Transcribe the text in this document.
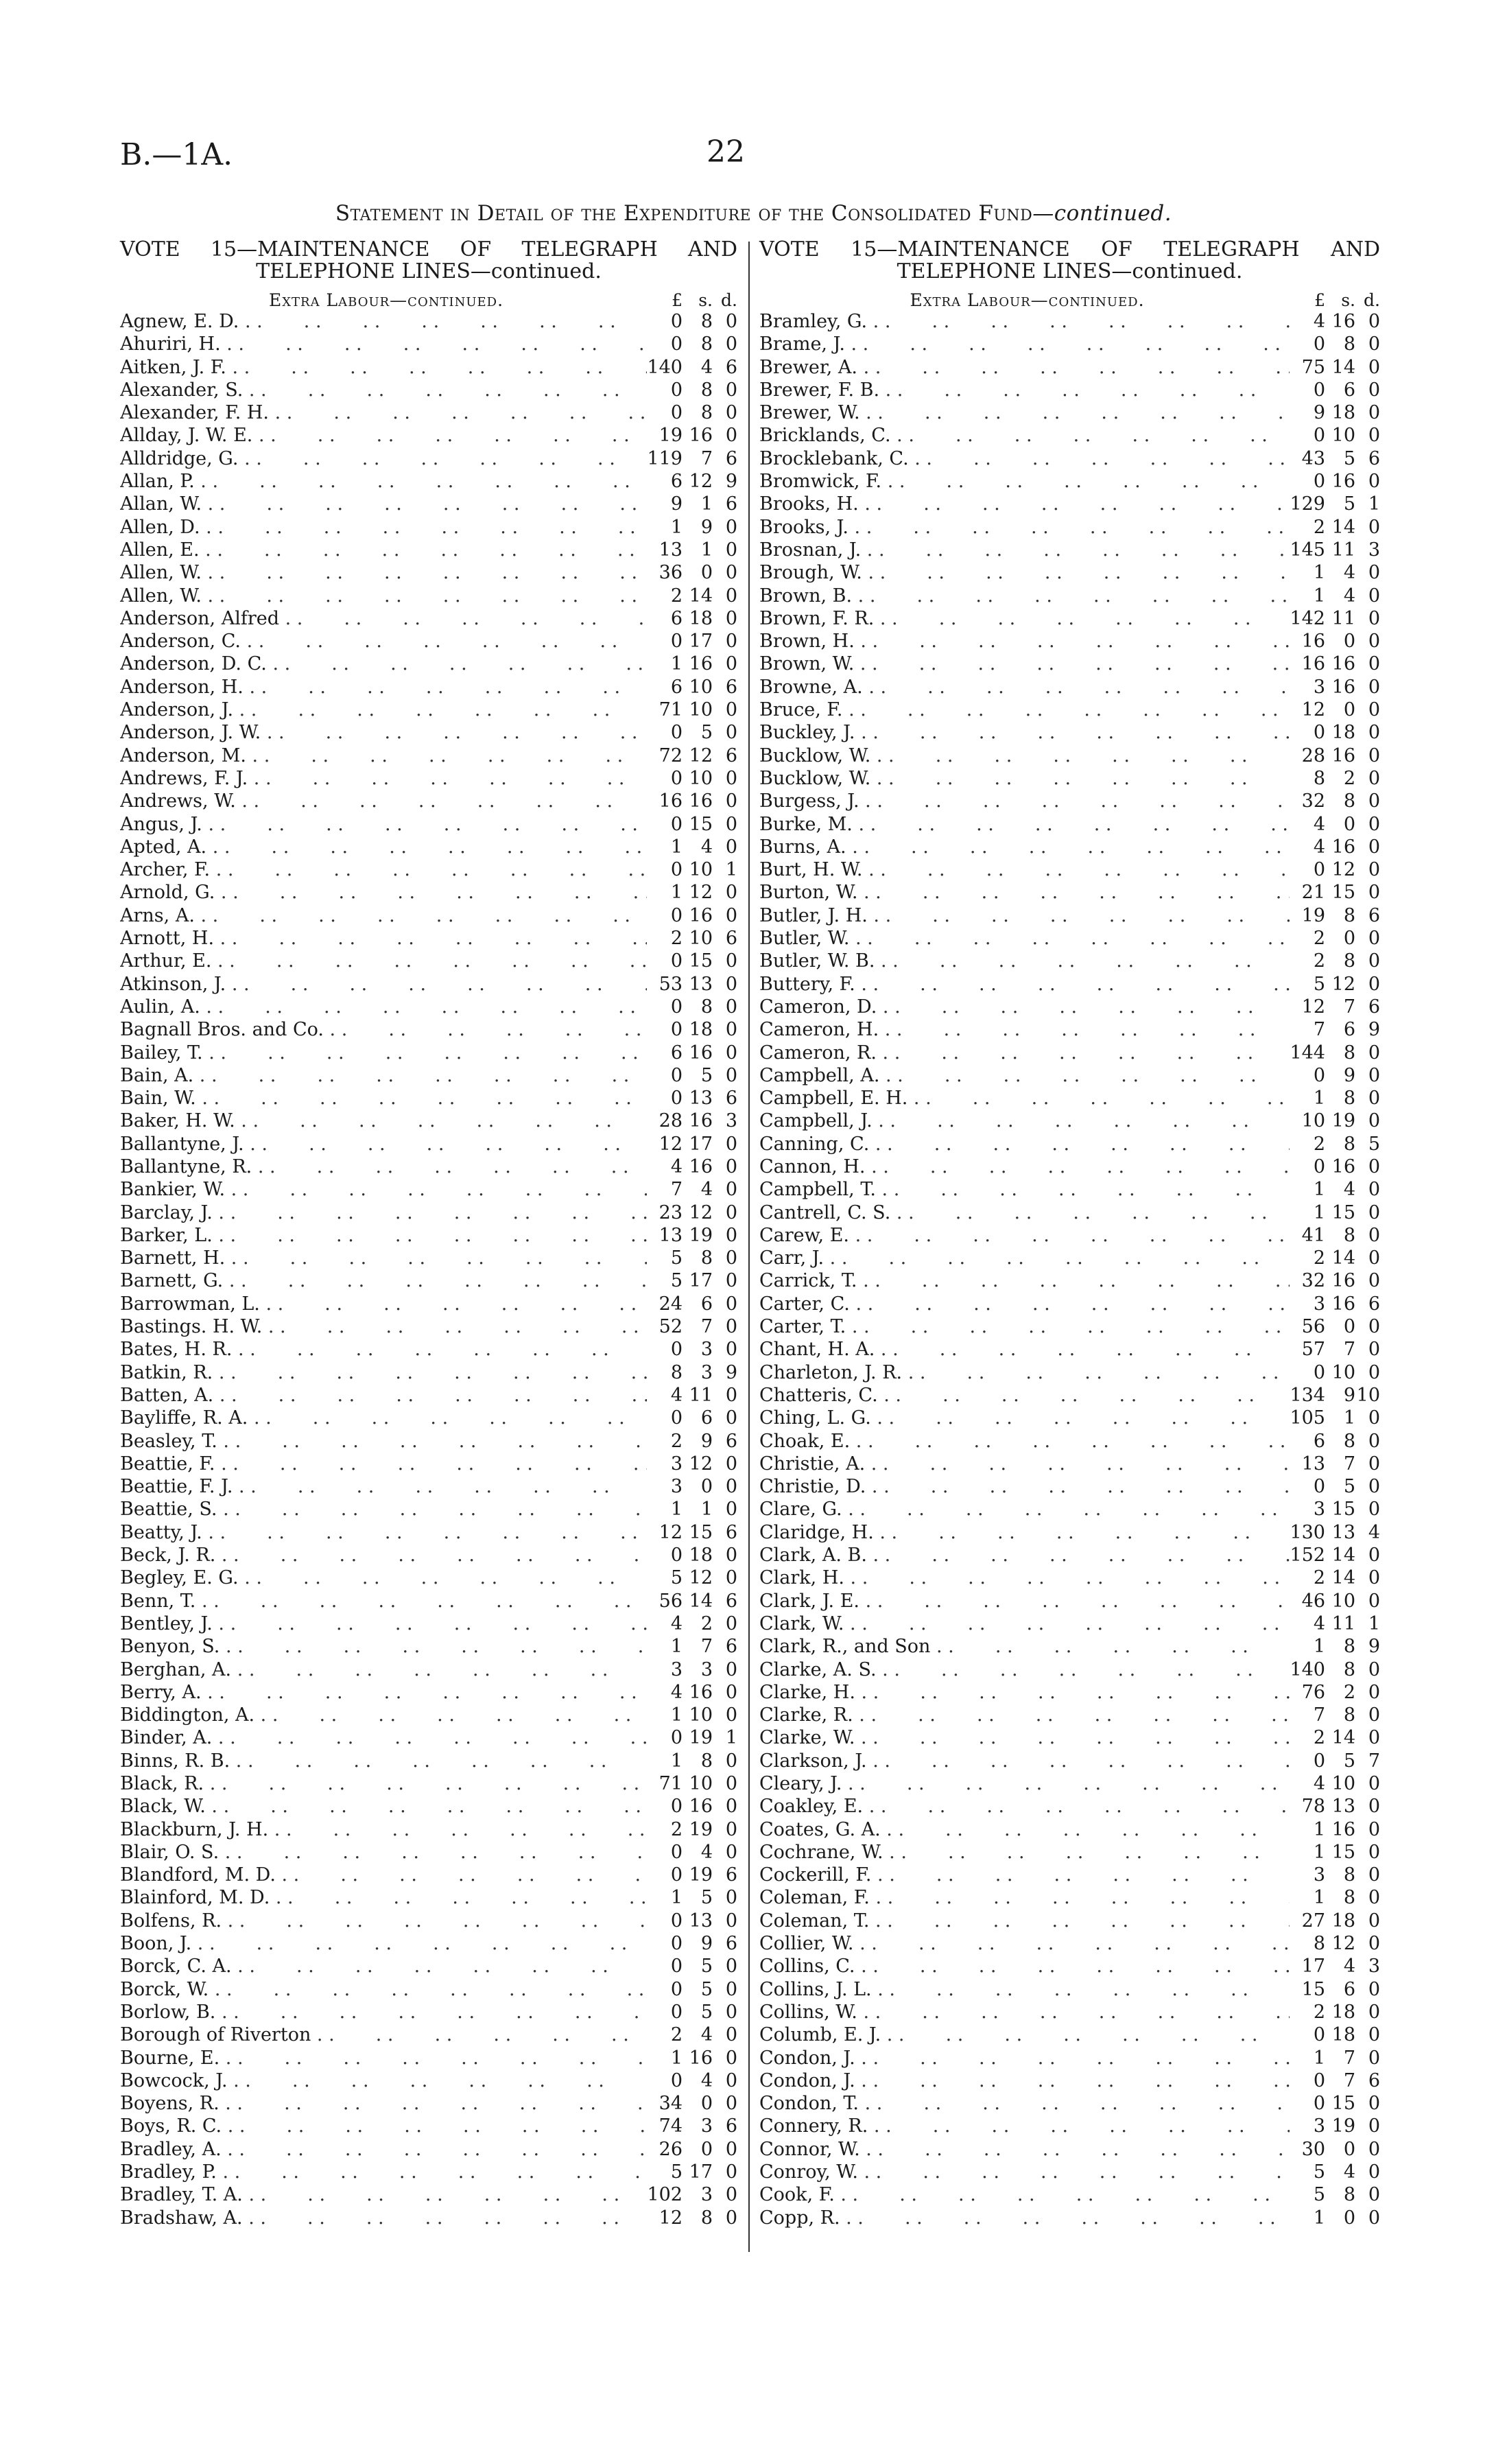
B.—1A.	22
Statement in Detail of the Expenditure of the Consolidated Fund—continued.
VOTE 15—MAINTENANCE OF TELEGRAPH AND
TELEPHONE LINES—continued.
Extra Labour—continued.	£ s. d.
Agnew, E. D. . .	0 8 0
Ahuriri, H. . .	0 8 0
Aitken, J. F. . .	140 4 6
Alexander, S. . .	0 8 0
Alexander, F. H. . .	0 8 0
Allday, J. W. E. . .	19 16 0
Alldridge, G. . .	119 7 6
Allan, P. . .	6 12 9
Allan, W. . .	9 1 6
Allen, D. . .	1 9 0
Allen, E. . .	13 1 0
Allen, W. . .	36 0 0
Allen, W. . .	2 14 0
Anderson, Alfred . .	6 18 0
Anderson, C. . .	0 17 0
Anderson, D. C. . .	1 16 0
Anderson, H. . .	6 10 6
Anderson, J. . .	71 10 0
Anderson, J. W. . .	0 5 0
Anderson, M. . .	72 12 6
Andrews, F. J. . .	0 10 0
Andrews, W. . .	16 16 0
Angus, J. . .	0 15 0
Apted, A. . .	1 4 0
Archer, F. . .	0 10 1
Arnold, G. . .	1 12 0
Arns, A. . .	0 16 0
Arnott, H. . .	2 10 6
Arthur, E. . .	0 15 0
Atkinson, J. . .	53 13 0
Aulin, A. . .	0 8 0
Bagnall Bros. and Co. . .	0 18 0
Bailey, T. . .	6 16 0
Bain, A. . .	0 5 0
Bain, W. . .	0 13 6
Baker, H. W. . .	28 16 3
Ballantyne, J. . .	12 17 0
Ballantyne, R. . .	4 16 0
Bankier, W. . .	7 4 0
Barclay, J. . .	23 12 0
Barker, L. . .	13 19 0
Barnett, H. . .	5 8 0
Barnett, G. . .	5 17 0
Barrowman, L. . .	24 6 0
Bastings. H. W. . .	52 7 0
Bates, H. R. . .	0 3 0
Batkin, R. . .	8 3 9
Batten, A. . .	4 11 0
Bayliffe, R. A. . .	0 6 0
Beasley, T. . .	2 9 6
Beattie, F. . .	3 12 0
Beattie, F. J. . .	3 0 0
Beattie, S. . .	1 1 0
Beatty, J. . .	12 15 6
Beck, J. R. . .	0 18 0
Begley, E. G. . .	5 12 0
Benn, T. . .	56 14 6
Bentley, J. . .	4 2 0
Benyon, S. . .	1 7 6
Berghan, A. . .	3 3 0
Berry, A. . .	4 16 0
Biddington, A. . .	1 10 0
Binder, A. . .	0 19 1
Binns, R. B. . .	1 8 0
Black, R. . .	71 10 0
Black, W. . .	0 16 0
Blackburn, J. H. . .	2 19 0
Blair, O. S. . .	0 4 0
Blandford, M. D. . .	0 19 6
Blainford, M. D. . .	1 5 0
Bolfens, R. . .	0 13 0
Boon, J. . .	0 9 6
Borck, C. A. . .	0 5 0
Borck, W. . .	0 5 0
Borlow, B. . .	0 5 0
Borough of Riverton . .	2 4 0
Bourne, E. . .	1 16 0
Bowcock, J. . .	0 4 0
Boyens, R. . .	34 0 0
Boys, R. C. . .	74 3 6
Bradley, A. . .	26 0 0
Bradley, P. . .	5 17 0
Bradley, T. A. . .	102 3 0
Bradshaw, A. . .	12 8 0
VOTE 15—MAINTENANCE OF TELEGRAPH AND
TELEPHONE LINES—continued.
Extra Labour—continued.	£ s. d.
Bramley, G. . .	4 16 0
Brame, J. . .	0 8 0
Brewer, A. . .	75 14 0
Brewer, F. B. . .	0 6 0
Brewer, W. . .	9 18 0
Bricklands, C. . .	0 10 0
Brocklebank, C. . .	43 5 6
Bromwick, F. . .	0 16 0
Brooks, H. . .	129 5 1
Brooks, J. . .	2 14 0
Brosnan, J. . .	145 11 3
Brough, W. . .	1 4 0
Brown, B. . .	1 4 0
Brown, F. R. . .	142 11 0
Brown, H. . .	16 0 0
Brown, W. . .	16 16 0
Browne, A. . .	3 16 0
Bruce, F. . .	12 0 0
Buckley, J. . .	0 18 0
Bucklow, W. . .	28 16 0
Bucklow, W. . .	8 2 0
Burgess, J. . .	32 8 0
Burke, M. . .	4 0 0
Burns, A. . .	4 16 0
Burt, H. W. . .	0 12 0
Burton, W. . .	21 15 0
Butler, J. H. . .	19 8 6
Butler, W. . .	2 0 0
Butler, W. B. . .	2 8 0
Buttery, F. . .	5 12 0
Cameron, D. . .	12 7 6
Cameron, H. . .	7 6 9
Cameron, R. . .	144 8 0
Campbell, A. . .	0 9 0
Campbell, E. H. . .	1 8 0
Campbell, J. . .	10 19 0
Canning, C. . .	2 8 5
Cannon, H. . .	0 16 0
Campbell, T. . .	1 4 0
Cantrell, C. S. . .	1 15 0
Carew, E. . .	41 8 0
Carr, J. . .	2 14 0
Carrick, T. . .	32 16 0
Carter, C. . .	3 16 6
Carter, T. . .	56 0 0
Chant, H. A. . .	57 7 0
Charleton, J. R. . .	0 10 0
Chatteris, C. . .	134 9 10
Ching, L. G. . .	105 1 0
Choak, E. . .	6 8 0
Christie, A. . .	13 7 0
Christie, D. . .	0 5 0
Clare, G. . .	3 15 0
Claridge, H. . .	130 13 4
Clark, A. B. . .	152 14 0
Clark, H. . .	2 14 0
Clark, J. E. . .	46 10 0
Clark, W. . .	4 11 1
Clark, R., and Son . .	1 8 9
Clarke, A. S. . .	140 8 0
Clarke, H. . .	76 2 0
Clarke, R. . .	7 8 0
Clarke, W. . .	2 14 0
Clarkson, J. . .	0 5 7
Cleary, J. . .	4 10 0
Coakley, E. . .	78 13 0
Coates, G. A. . .	1 16 0
Cochrane, W. . .	1 15 0
Cockerill, F. . .	3 8 0
Coleman, F. . .	1 8 0
Coleman, T. . .	27 18 0
Collier, W. . .	8 12 0
Collins, C. . .	17 4 3
Collins, J. L. . .	15 6 0
Collins, W. . .	2 18 0
Columb, E. J. . .	0 18 0
Condon, J. . .	1 7 0
Condon, J. . .	0 7 6
Condon, T. . .	0 15 0
Connery, R. . .	3 19 0
Connor, W. . .	30 0 0
Conroy, W. . .	5 4 0
Cook, F. . .	5 8 0
Copp, R. . .	1 0 0
